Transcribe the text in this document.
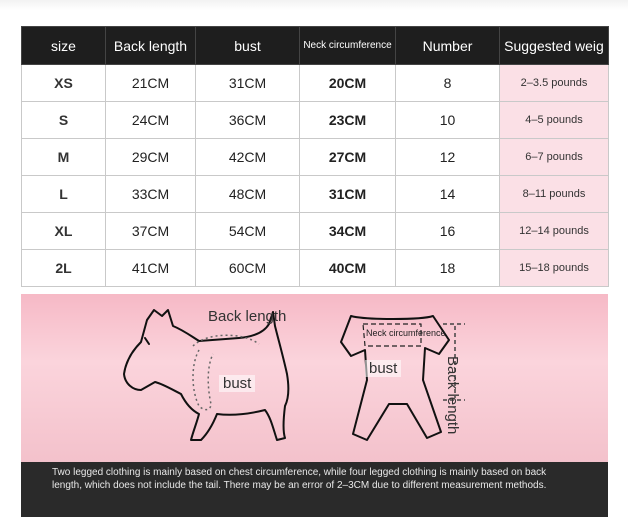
size	Back length	bust	Neck circumference	Number	Suggested weig
XS	21CM	31CM	20CM	8	2–3.5 pounds
S	24CM	36CM	23CM	10	4–5 pounds
M	29CM	42CM	27CM	12	6–7 pounds
L	33CM	48CM	31CM	14	8–11 pounds
XL	37CM	54CM	34CM	16	12–14 pounds
2L	41CM	60CM	40CM	18	15–18 pounds
Back length
bust
Neck circumference
bust	Back length
Two legged clothing is mainly based on chest circumference, while four legged clothing is mainly based on back length, which does not include the tail. There may be an error of 2–3CM due to different measurement methods.
